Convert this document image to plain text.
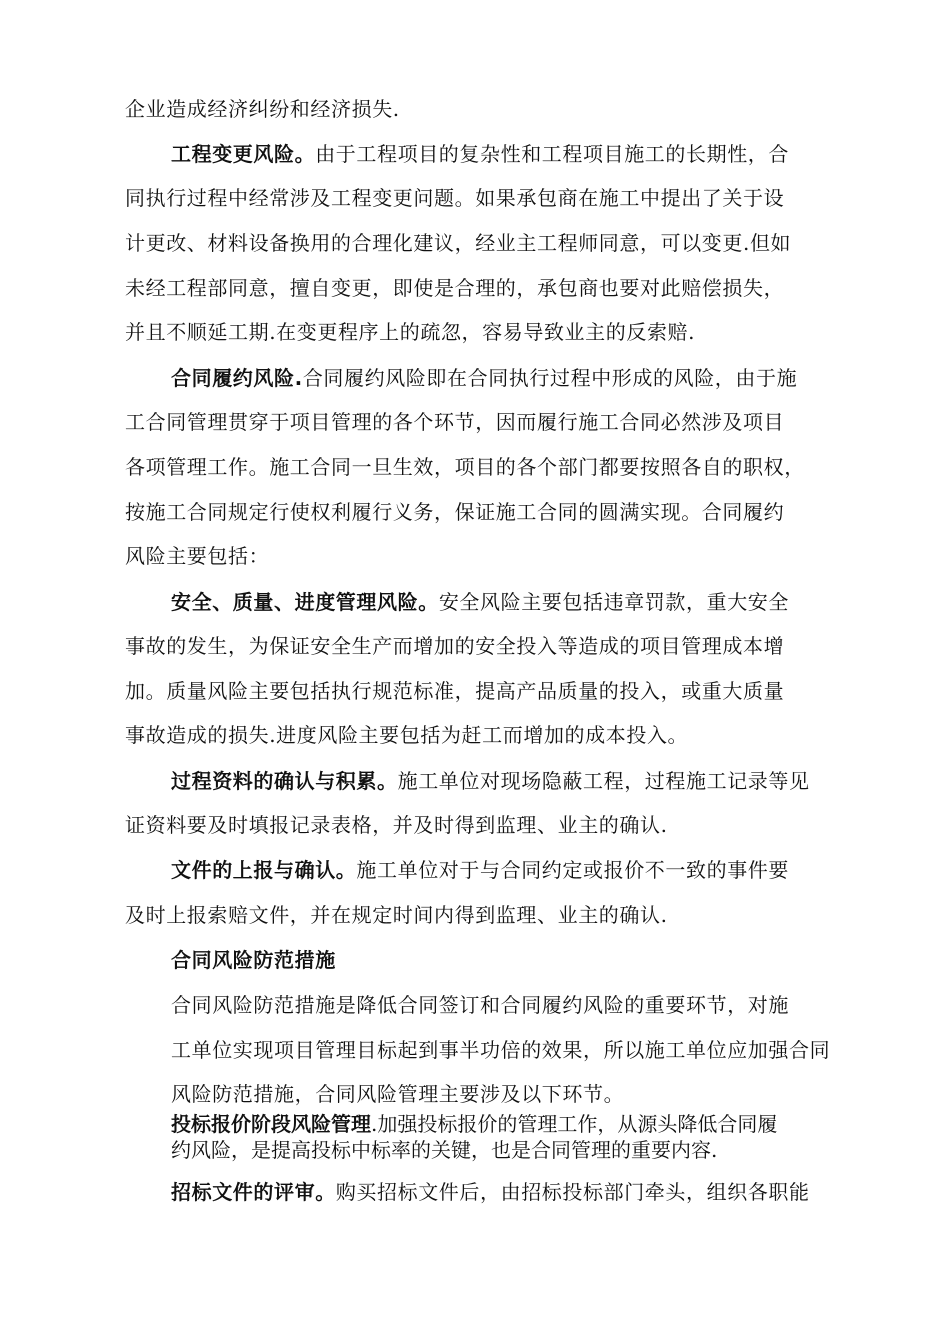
企业造成经济纠纷和经济损失.
工程变更风险。由于工程项目的复杂性和工程项目施工的长期性，合
同执行过程中经常涉及工程变更问题。如果承包商在施工中提出了关于设
计更改、材料设备换用的合理化建议，经业主工程师同意，可以变更.但如
未经工程部同意，擅自变更，即使是合理的，承包商也要对此赔偿损失，
并且不顺延工期.在变更程序上的疏忽，容易导致业主的反索赔.
合同履约风险.合同履约风险即在合同执行过程中形成的风险，由于施
工合同管理贯穿于项目管理的各个环节，因而履行施工合同必然涉及项目
各项管理工作。施工合同一旦生效，项目的各个部门都要按照各自的职权，
按施工合同规定行使权利履行义务，保证施工合同的圆满实现。合同履约
风险主要包括：
安全、质量、进度管理风险。安全风险主要包括违章罚款，重大安全
事故的发生，为保证安全生产而增加的安全投入等造成的项目管理成本增
加。质量风险主要包括执行规范标准，提高产品质量的投入，或重大质量
事故造成的损失.进度风险主要包括为赶工而增加的成本投入。
过程资料的确认与积累。施工单位对现场隐蔽工程，过程施工记录等见
证资料要及时填报记录表格，并及时得到监理、业主的确认.
文件的上报与确认。施工单位对于与合同约定或报价不一致的事件要
及时上报索赔文件，并在规定时间内得到监理、业主的确认.
合同风险防范措施
合同风险防范措施是降低合同签订和合同履约风险的重要环节，对施
工单位实现项目管理目标起到事半功倍的效果，所以施工单位应加强合同
风险防范措施，合同风险管理主要涉及以下环节。
投标报价阶段风险管理.加强投标报价的管理工作，从源头降低合同履
约风险，是提高投标中标率的关键，也是合同管理的重要内容.
招标文件的评审。购买招标文件后，由招标投标部门牵头，组织各职能
